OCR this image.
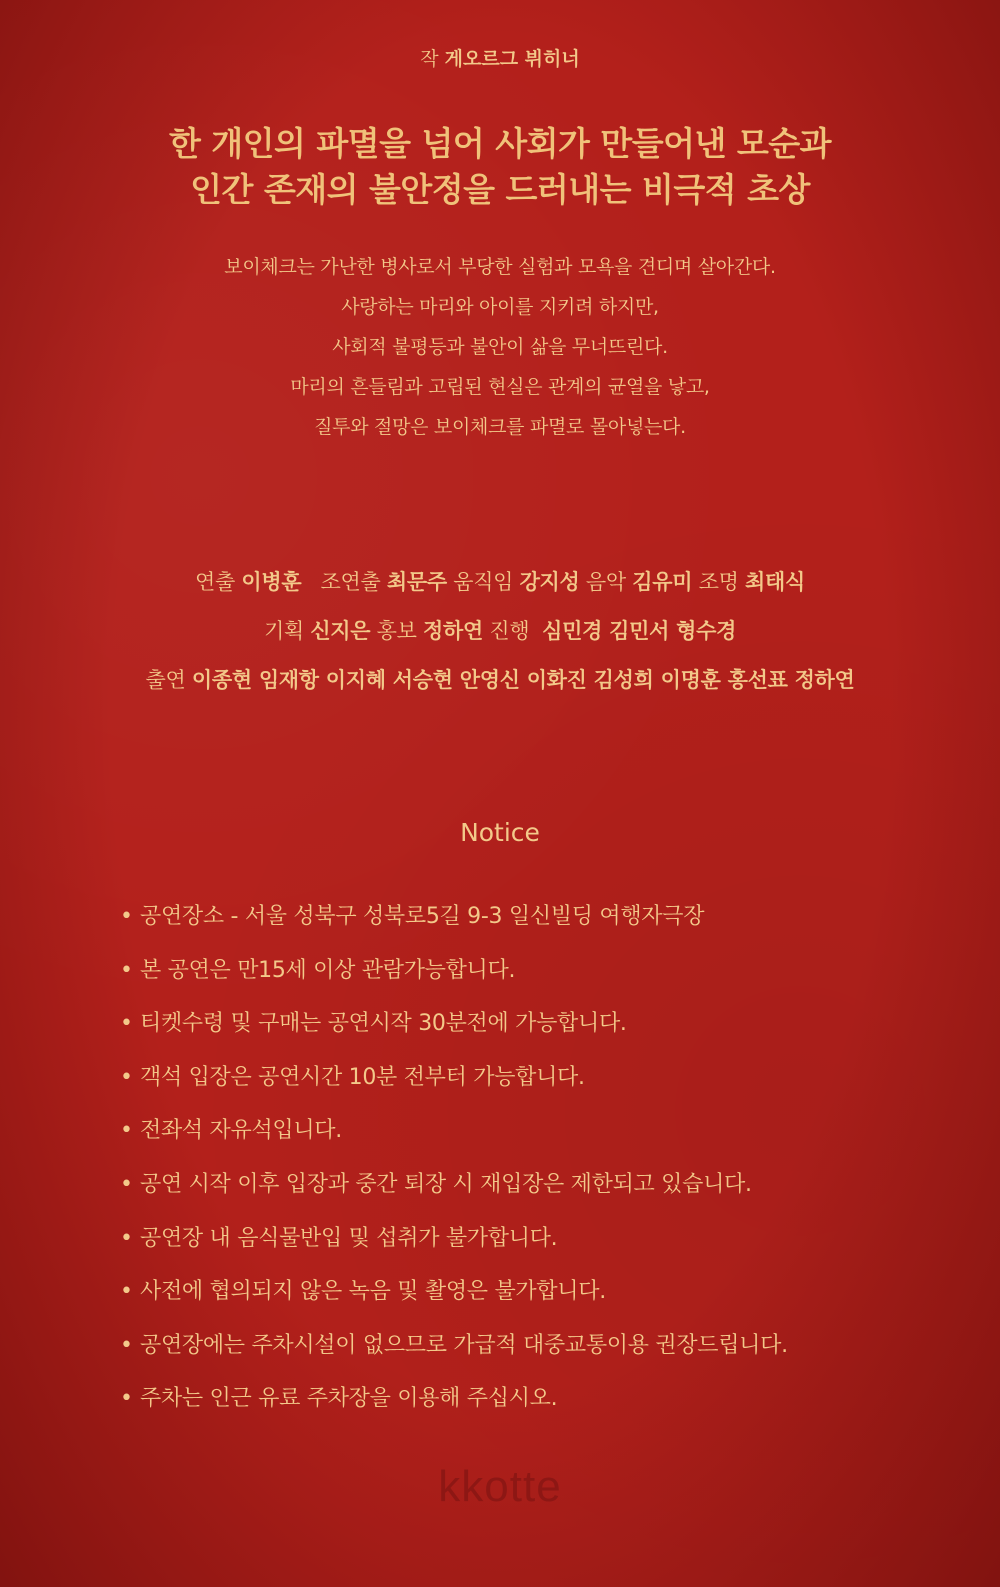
작 게오르그 뷔히너
한 개인의 파멸을 넘어 사회가 만들어낸 모순과
인간 존재의 불안정을 드러내는 비극적 초상
보이체크는 가난한 병사로서 부당한 실험과 모욕을 견디며 살아간다.
사랑하는 마리와 아이를 지키려 하지만,
사회적 불평등과 불안이 삶을 무너뜨린다.
마리의 흔들림과 고립된 현실은 관계의 균열을 낳고,
질투와 절망은 보이체크를 파멸로 몰아넣는다.
연출 이병훈 조연출 최문주 움직임 강지성 음악 김유미 조명 최태식
기획 신지은 홍보 정하연 진행 심민경 김민서 형수경
출연 이종현 임재항 이지혜 서승현 안영신 이화진 김성희 이명훈 홍선표 정하연
Notice
• 공연장소 - 서울 성북구 성북로5길 9-3 일신빌딩 여행자극장
• 본 공연은 만15세 이상 관람가능합니다.
• 티켓수령 및 구매는 공연시작 30분전에 가능합니다.
• 객석 입장은 공연시간 10분 전부터 가능합니다.
• 전좌석 자유석입니다.
• 공연 시작 이후 입장과 중간 퇴장 시 재입장은 제한되고 있습니다.
• 공연장 내 음식물반입 및 섭취가 불가합니다.
• 사전에 협의되지 않은 녹음 및 촬영은 불가합니다.
• 공연장에는 주차시설이 없으므로 가급적 대중교통이용 권장드립니다.
• 주차는 인근 유료 주차장을 이용해 주십시오.
kkotte
